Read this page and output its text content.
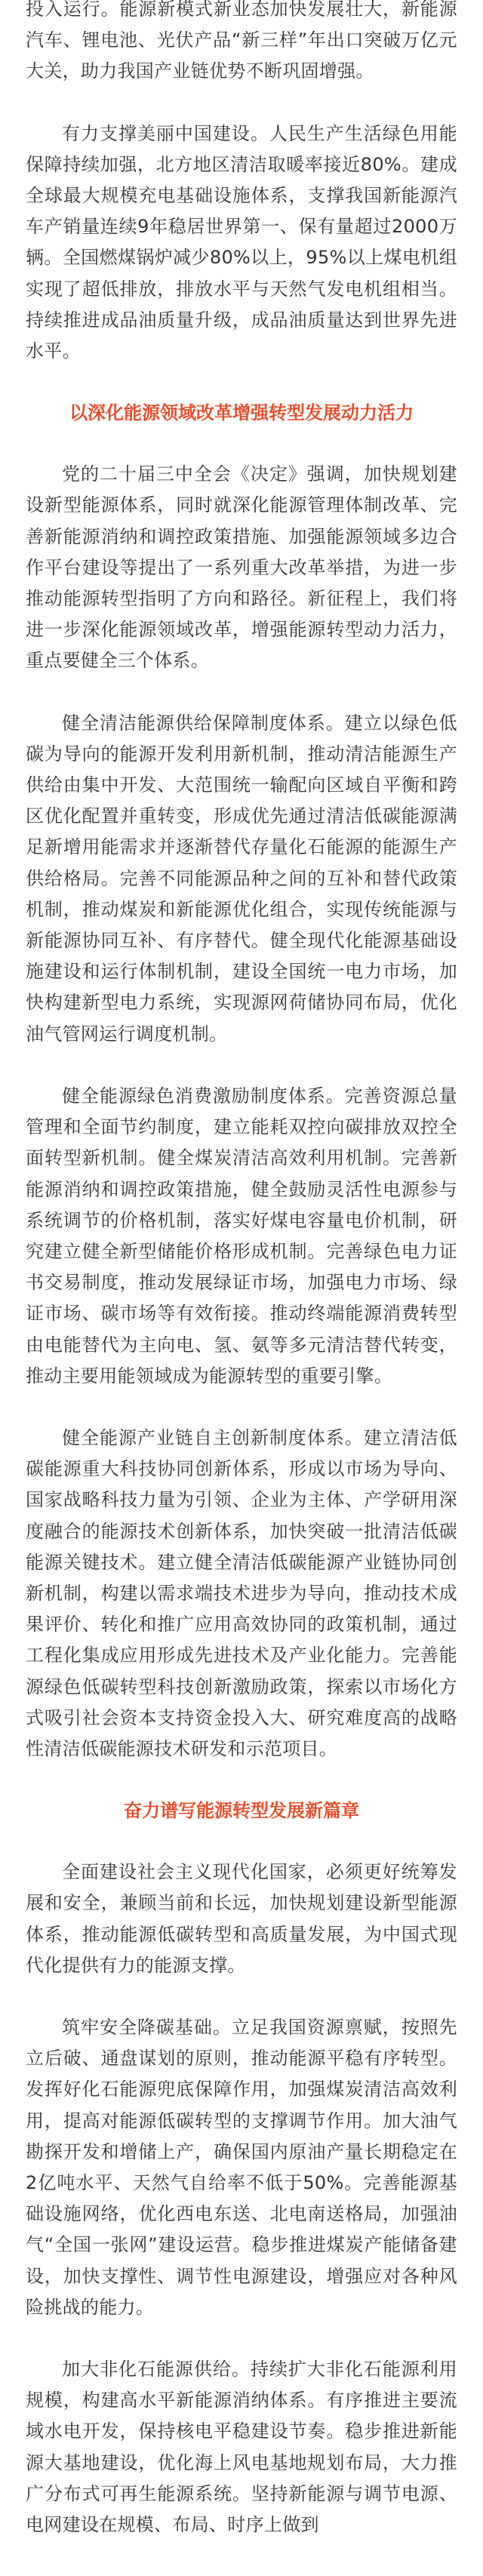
投入运行。能源新模式新业态加快发展壮大，新能源汽车、锂电池、光伏产品“新三样”年出口突破万亿元大关，助力我国产业链优势不断巩固增强。

有力支撑美丽中国建设。人民生产生活绿色用能保障持续加强，北方地区清洁取暖率接近80%。建成全球最大规模充电基础设施体系，支撑我国新能源汽车产销量连续9年稳居世界第一、保有量超过2000万辆。全国燃煤锅炉减少80%以上，95%以上煤电机组实现了超低排放，排放水平与天然气发电机组相当。持续推进成品油质量升级，成品油质量达到世界先进水平。

以深化能源领域改革增强转型发展动力活力

党的二十届三中全会《决定》强调，加快规划建设新型能源体系，同时就深化能源管理体制改革、完善新能源消纳和调控政策措施、加强能源领域多边合作平台建设等提出了一系列重大改革举措，为进一步推动能源转型指明了方向和路径。新征程上，我们将进一步深化能源领域改革，增强能源转型动力活力，重点要健全三个体系。

健全清洁能源供给保障制度体系。建立以绿色低碳为导向的能源开发利用新机制，推动清洁能源生产供给由集中开发、大范围统一输配向区域自平衡和跨区优化配置并重转变，形成优先通过清洁低碳能源满足新增用能需求并逐渐替代存量化石能源的能源生产供给格局。完善不同能源品种之间的互补和替代政策机制，推动煤炭和新能源优化组合，实现传统能源与新能源协同互补、有序替代。健全现代化能源基础设施建设和运行体制机制，建设全国统一电力市场，加快构建新型电力系统，实现源网荷储协同布局，优化油气管网运行调度机制。

健全能源绿色消费激励制度体系。完善资源总量管理和全面节约制度，建立能耗双控向碳排放双控全面转型新机制。健全煤炭清洁高效利用机制。完善新能源消纳和调控政策措施，健全鼓励灵活性电源参与系统调节的价格机制，落实好煤电容量电价机制，研究建立健全新型储能价格形成机制。完善绿色电力证书交易制度，推动发展绿证市场，加强电力市场、绿证市场、碳市场等有效衔接。推动终端能源消费转型由电能替代为主向电、氢、氨等多元清洁替代转变，推动主要用能领域成为能源转型的重要引擎。

健全能源产业链自主创新制度体系。建立清洁低碳能源重大科技协同创新体系，形成以市场为导向、国家战略科技力量为引领、企业为主体、产学研用深度融合的能源技术创新体系，加快突破一批清洁低碳能源关键技术。建立健全清洁低碳能源产业链协同创新机制，构建以需求端技术进步为导向，推动技术成果评价、转化和推广应用高效协同的政策机制，通过工程化集成应用形成先进技术及产业化能力。完善能源绿色低碳转型科技创新激励政策，探索以市场化方式吸引社会资本支持资金投入大、研究难度高的战略性清洁低碳能源技术研发和示范项目。

奋力谱写能源转型发展新篇章

全面建设社会主义现代化国家，必须更好统筹发展和安全，兼顾当前和长远，加快规划建设新型能源体系，推动能源低碳转型和高质量发展，为中国式现代化提供有力的能源支撑。

筑牢安全降碳基础。立足我国资源禀赋，按照先立后破、通盘谋划的原则，推动能源平稳有序转型。发挥好化石能源兜底保障作用，加强煤炭清洁高效利用，提高对能源低碳转型的支撑调节作用。加大油气勘探开发和增储上产，确保国内原油产量长期稳定在2亿吨水平、天然气自给率不低于50%。完善能源基础设施网络，优化西电东送、北电南送格局，加强油气“全国一张网”建设运营。稳步推进煤炭产能储备建设，加快支撑性、调节性电源建设，增强应对各种风险挑战的能力。

加大非化石能源供给。持续扩大非化石能源利用规模，构建高水平新能源消纳体系。有序推进主要流域水电开发，保持核电平稳建设节奏。稳步推进新能源大基地建设，优化海上风电基地规划布局，大力推广分布式可再生能源系统。坚持新能源与调节电源、电网建设在规模、布局、时序上做到
